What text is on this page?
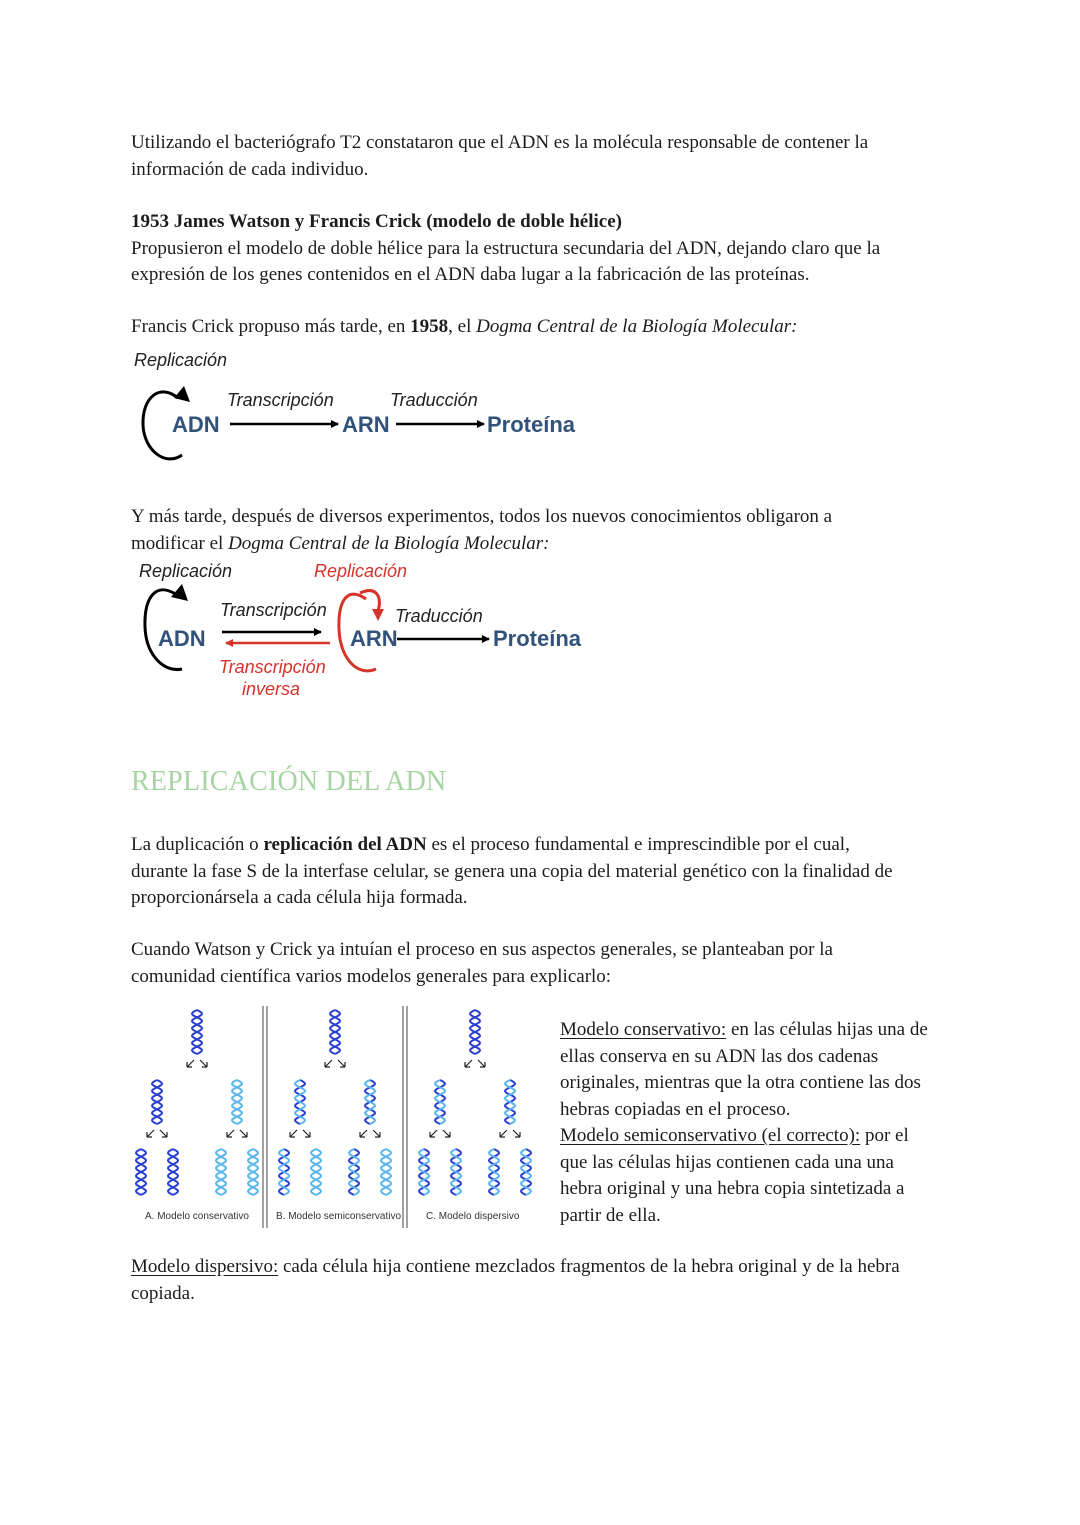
Utilizando el bacteriógrafo T2 constataron que el ADN es la molécula responsable de contener la
información de cada individuo.

1953 James Watson y Francis Crick (modelo de doble hélice)
Propusieron el modelo de doble hélice para la estructura secundaria del ADN, dejando claro que la
expresión de los genes contenidos en el ADN daba lugar a la fabricación de las proteínas.

Francis Crick propuso más tarde, en 1958, el Dogma Central de la Biología Molecular:

Replicación
ADN
Transcripción
ARN
Traducción
Proteína

Y más tarde, después de diversos experimentos, todos los nuevos conocimientos obligaron a
modificar el Dogma Central de la Biología Molecular:

Replicación	Replicación
ADN
Transcripción
Transcripción
inversa
ARN
Traducción
Proteína
REPLICACIÓN DEL ADN

La duplicación o replicación del ADN es el proceso fundamental e imprescindible por el cual,
durante la fase S de la interfase celular, se genera una copia del material genético con la finalidad de
proporcionársela a cada célula hija formada.

Cuando Watson y Crick ya intuían el proceso en sus aspectos generales, se planteaban por la
comunidad científica varios modelos generales para explicarlo:

A. Modelo conservativo	B. Modelo semiconservativo C. Modelo dispersivo

Modelo conservativo: en las células hijas una de
ellas conserva en su ADN las dos cadenas
originales, mientras que la otra contiene las dos
hebras copiadas en el proceso.
Modelo semiconservativo (el correcto): por el
que las células hijas contienen cada una una
hebra original y una hebra copia sintetizada a
partir de ella.

Modelo dispersivo: cada célula hija contiene mezclados fragmentos de la hebra original y de la hebra
copiada.
